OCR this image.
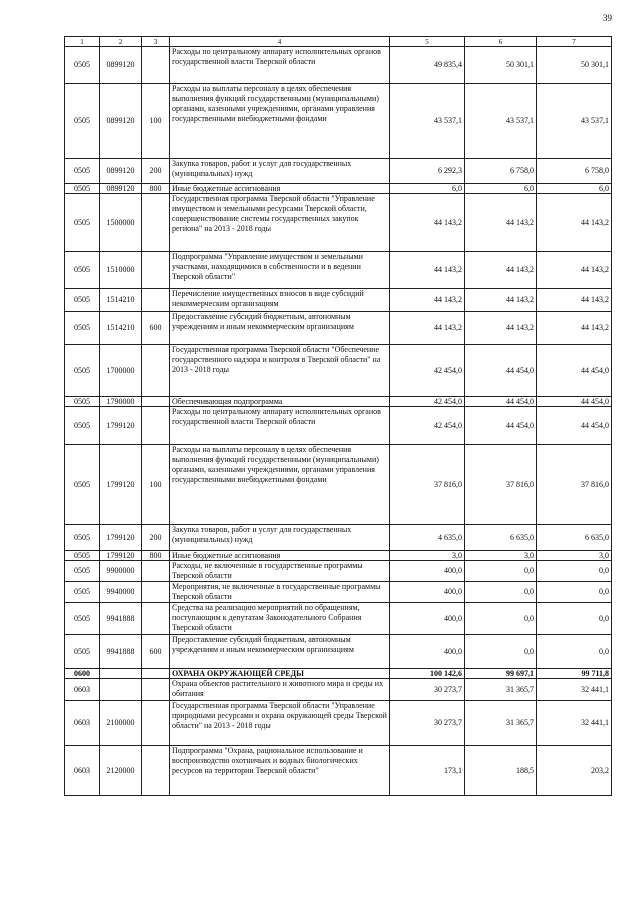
39
1	2	3	4	5	6	7
0505	0899120		Расходы по центральному аппарату исполнительных органов государственной власти Тверской области	49 835,4	50 301,1	50 301,1
0505	0899120	100	Расходы на выплаты персоналу в целях обеспечения выполнения функций государственными (муниципальными) органами, казенными учреждениями, органами управления государственными внебюджетными фондами	43 537,1	43 537,1	43 537,1
0505	0899120	200	Закупка товаров, работ и услуг для государственных (муниципальных) нужд	6 292,3	6 758,0	6 758,0
0505	0899120	800	Иные бюджетные ассигнования	6,0	6,0	6,0
0505	1500000		Государственная программа Тверской области "Управление имуществом и земельными ресурсами Тверской области, совершенствование системы государственных закупок региона" на 2013 - 2018 годы	44 143,2	44 143,2	44 143,2
0505	1510000		Подпрограмма "Управление имуществом и земельными участками, находящимися в собственности и в ведении Тверской области"	44 143,2	44 143,2	44 143,2
0505	1514210		Перечисление имущественных взносов в виде субсидий некоммерческим организациям	44 143,2	44 143,2	44 143,2
0505	1514210	600	Предоставление субсидий бюджетным, автономным учреждениям и иным некоммерческим организациям	44 143,2	44 143,2	44 143,2
0505	1700000		Государственная программа Тверской области "Обеспечение государственного надзора и контроля в Тверской области" на 2013 - 2018 годы	42 454,0	44 454,0	44 454,0
0505	1790000		Обеспечивающая подпрограмма	42 454,0	44 454,0	44 454,0
0505	1799120		Расходы по центральному аппарату исполнительных органов государственной власти Тверской области	42 454,0	44 454,0	44 454,0
0505	1799120	100	Расходы на выплаты персоналу в целях обеспечения выполнения функций государственными (муниципальными) органами, казенными учреждениями, органами управления государственными внебюджетными фондами	37 816,0	37 816,0	37 816,0
0505	1799120	200	Закупка товаров, работ и услуг для государственных (муниципальных) нужд	4 635,0	6 635,0	6 635,0
0505	1799120	800	Иные бюджетные ассигнования	3,0	3,0	3,0
0505	9900000		Расходы, не включенные в государственные программы Тверской области	400,0	0,0	0,0
0505	9940000		Мероприятия, не включенные в государственные программы Тверской области	400,0	0,0	0,0
0505	9941888		Средства на реализацию мероприятий по обращениям, поступающим к депутатам Законодательного Собрания Тверской области	400,0	0,0	0,0
0505	9941888	600	Предоставление субсидий бюджетным, автономным учреждениям и иным некоммерческим организациям	400,0	0,0	0,0
0600			ОХРАНА ОКРУЖАЮЩЕЙ СРЕДЫ	100 142,6	99 697,1	99 711,8
0603			Охрана объектов растительного и животного мира и среды их обитания	30 273,7	31 365,7	32 441,1
0603	2100000		Государственная программа Тверской области "Управление природными ресурсами и охрана окружающей среды Тверской области" на 2013 - 2018 годы	30 273,7	31 365,7	32 441,1
0603	2120000		Подпрограмма "Охрана, рациональное использование и воспроизводство охотничьих и водных биологических ресурсов на территории Тверской области"	173,1	188,5	203,2
